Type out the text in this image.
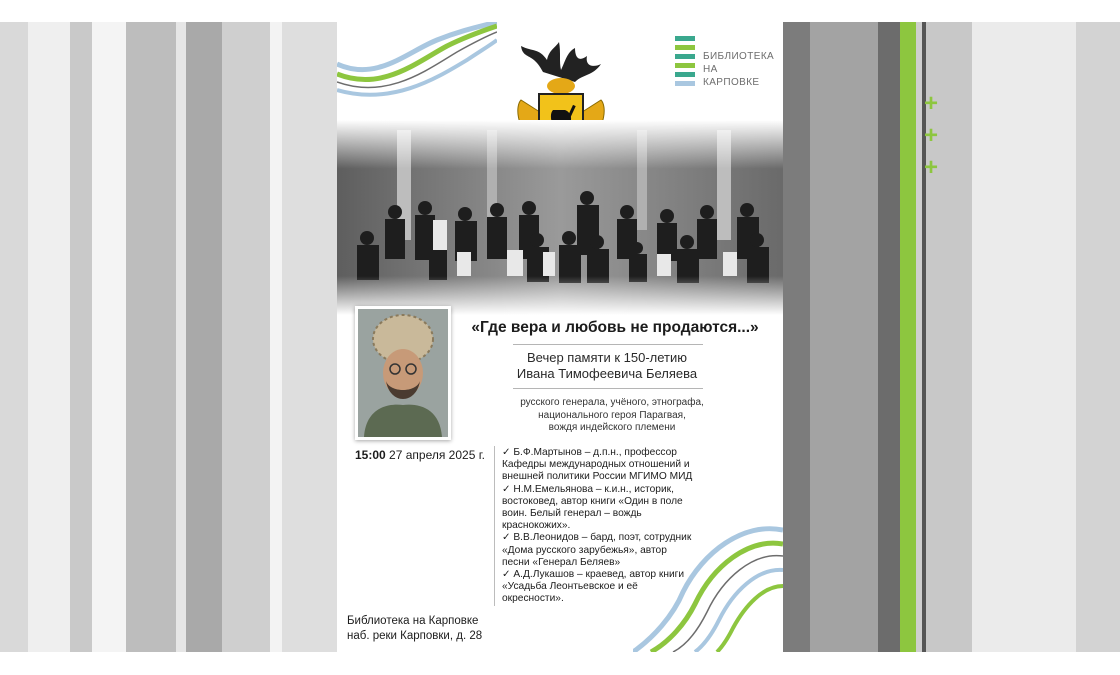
+
+
+
БИБЛИОТЕКА
НА КАРПОВКЕ
«Где вера и любовь не продаются...»
Вечер памяти к 150-летию
Ивана Тимофеевича Беляева
русского генерала, учёного, этнографа,
национального героя Парагвая,
вождя индейского племени
15:00 27 апреля 2025 г. ✓ Б.Ф.Мартынов – д.п.н., профессор
Кафедры международных отношений и
внешней политики России МГИМО МИД

✓ Н.М.Емельянова – к.и.н., историк,
востоковед, автор книги «Один в поле
воин. Белый генерал – вождь
краснокожих».

✓ В.В.Леонидов – бард, поэт, сотрудник
«Дома русского зарубежья», автор
песни «Генерал Беляев»

✓ А.Д.Лукашов – краевед, автор книги
«Усадьба Леонтьевское и её
окресности».

Библиотека на Карповке
наб. реки Карповки, д. 28
